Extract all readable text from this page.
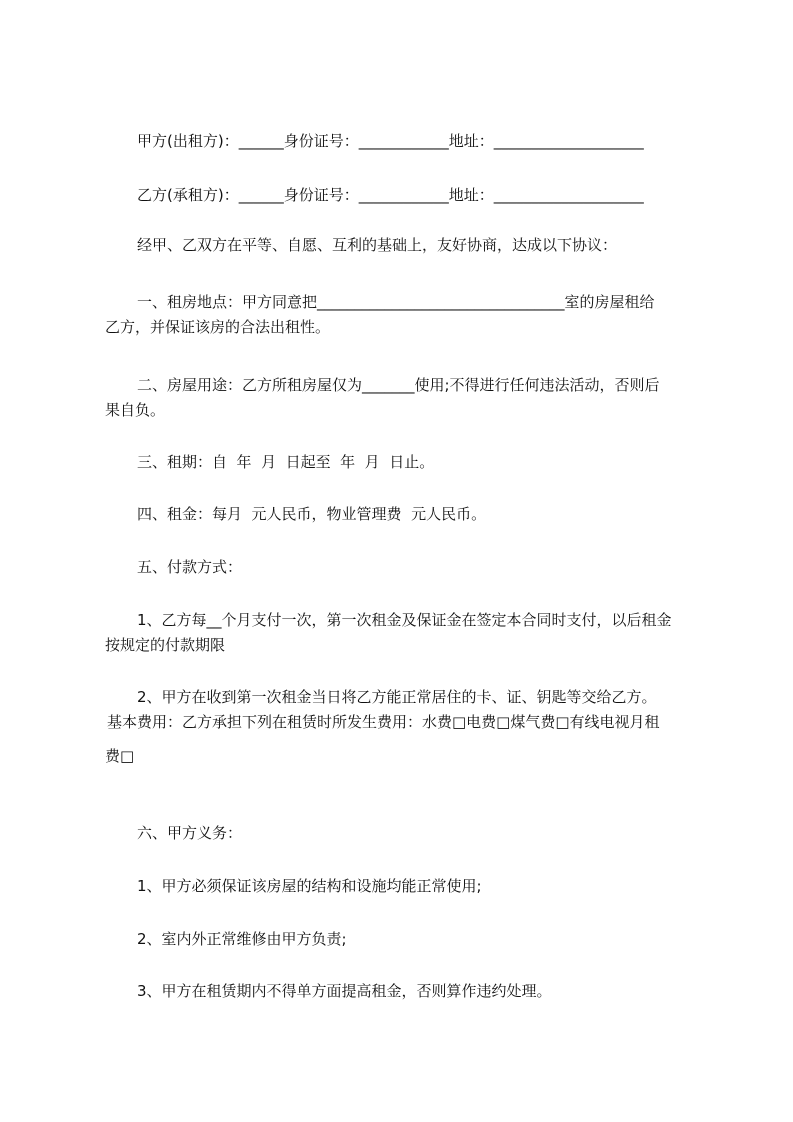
甲方(出租方)：______身份证号：____________地址：____________________
乙方(承租方)：______身份证号：____________地址：____________________
经甲、乙双方在平等、自愿、互利的基础上，友好协商，达成以下协议：
一、租房地点：甲方同意把_________________________________室的房屋租给
乙方，并保证该房的合法出租性。
二、房屋用途：乙方所租房屋仅为_______使用;不得进行任何违法活动，否则后
果自负。
三、租期：自  年  月  日起至  年  月  日止。
四、租金：每月  元人民币，物业管理费  元人民币。
五、付款方式：
1、乙方每__个月支付一次，第一次租金及保证金在签定本合同时支付，以后租金
按规定的付款期限
2、甲方在收到第一次租金当日将乙方能正常居住的卡、证、钥匙等交给乙方。
基本费用：乙方承担下列在租赁时所发生费用：水费□电费□煤气费□有线电视月租
费□
六、甲方义务：
1、甲方必须保证该房屋的结构和设施均能正常使用;
2、室内外正常维修由甲方负责;
3、甲方在租赁期内不得单方面提高租金，否则算作违约处理。
